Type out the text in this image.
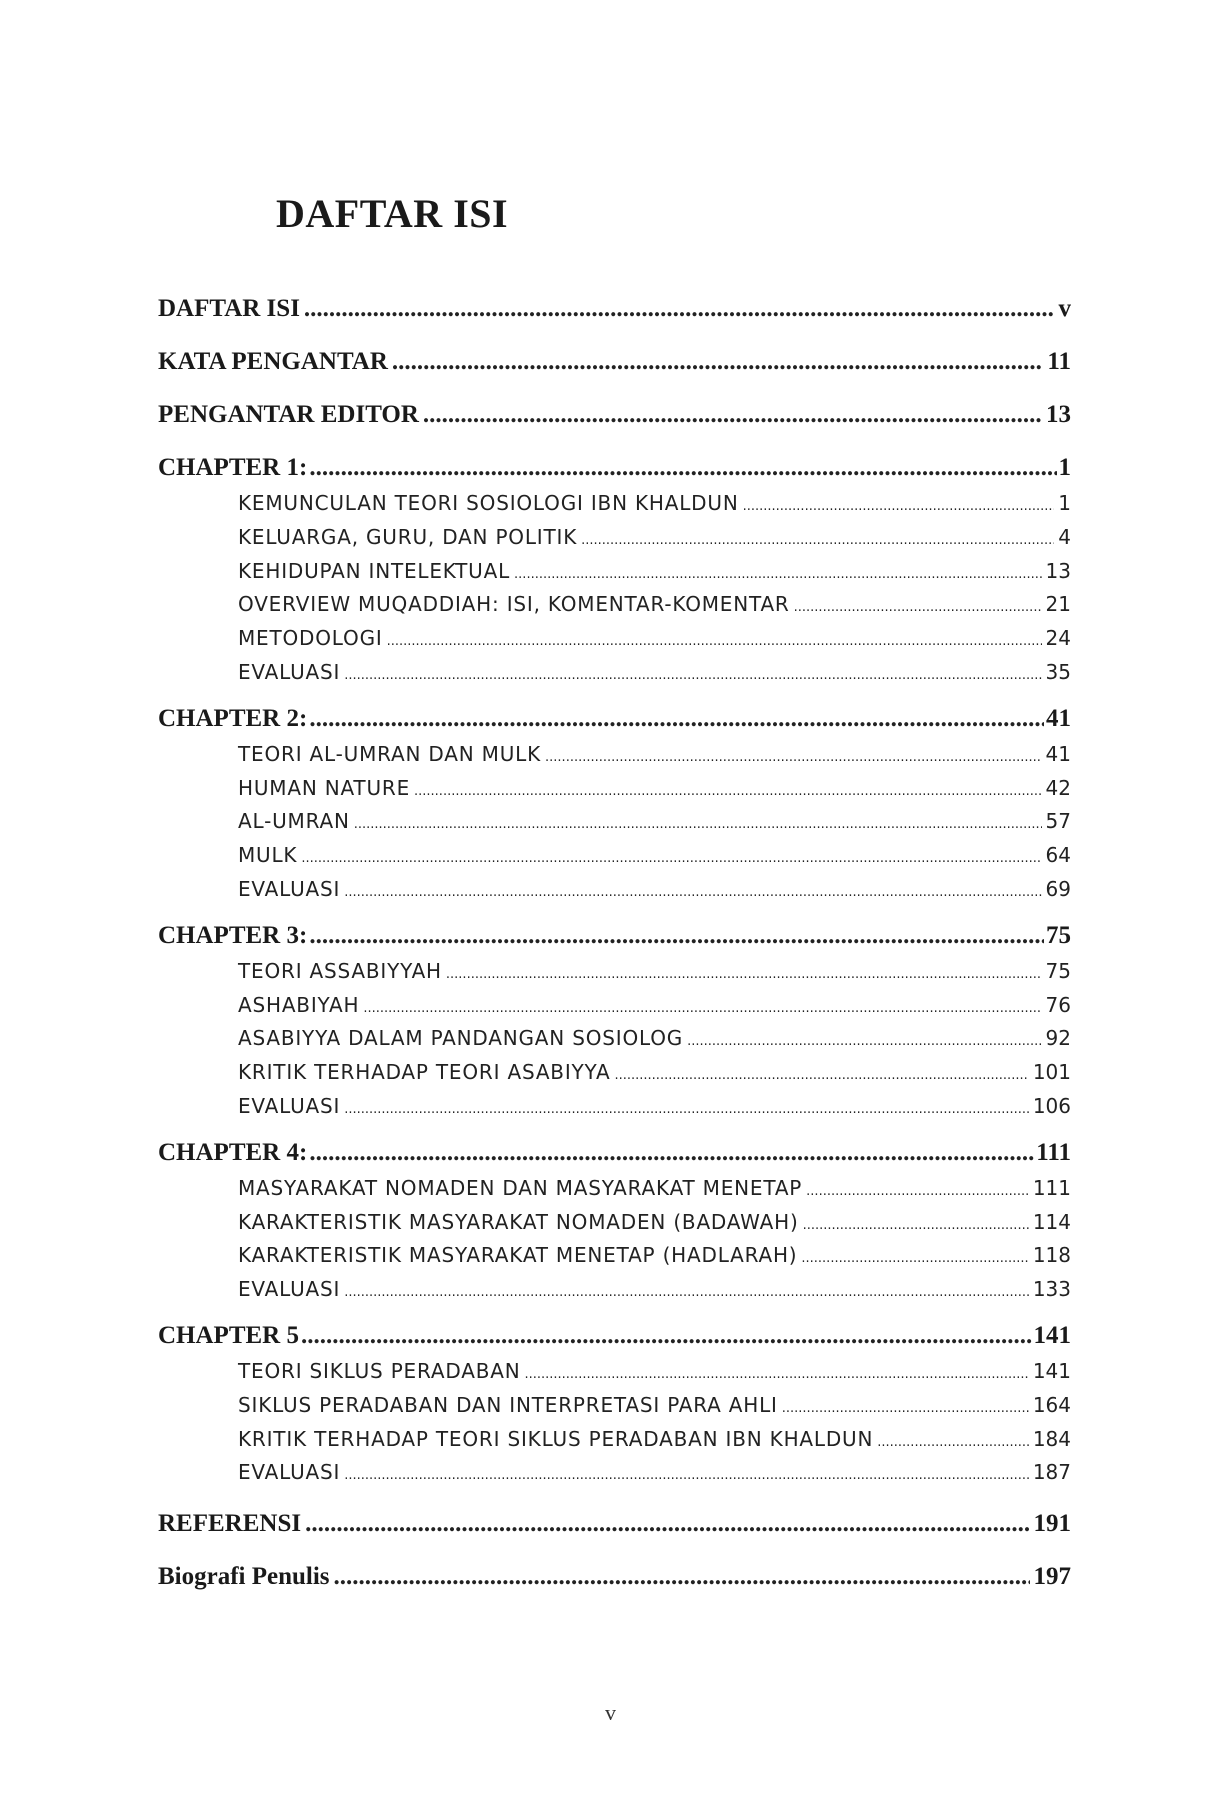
DAFTAR ISI
DAFTAR ISI .....	v
KATA PENGANTAR .....	11
PENGANTAR EDITOR .....	13
CHAPTER 1: .....	1
KEMUNCULAN TEORI SOSIOLOGI IBN KHALDUN .....	1
KELUARGA, GURU, DAN POLITIK .....	4
KEHIDUPAN INTELEKTUAL .....	13
OVERVIEW MUQADDIAH: ISI, KOMENTAR-KOMENTAR .....	21
METODOLOGI .....	24
EVALUASI .....	35
CHAPTER 2: .....	41
TEORI AL-UMRAN DAN MULK .....	41
HUMAN NATURE .....	42
AL-UMRAN .....	57
MULK .....	64
EVALUASI .....	69
CHAPTER 3: .....	75
TEORI ASSABIYYAH .....	75
ASHABIYAH .....	76
ASABIYYA DALAM PANDANGAN SOSIOLOG .....	92
KRITIK TERHADAP TEORI ASABIYYA .....	101
EVALUASI .....	106
CHAPTER 4: .....	111
MASYARAKAT NOMADEN DAN MASYARAKAT MENETAP .....	111
KARAKTERISTIK MASYARAKAT NOMADEN (BADAWAH) .....	114
KARAKTERISTIK MASYARAKAT MENETAP (HADLARAH) .....	118
EVALUASI .....	133
CHAPTER 5 .....	141
TEORI SIKLUS PERADABAN .....	141
SIKLUS PERADABAN DAN INTERPRETASI PARA AHLI .....	164
KRITIK TERHADAP TEORI SIKLUS PERADABAN IBN KHALDUN .....	184
EVALUASI .....	187
REFERENSI .....	191
Biografi Penulis .....	197
v
